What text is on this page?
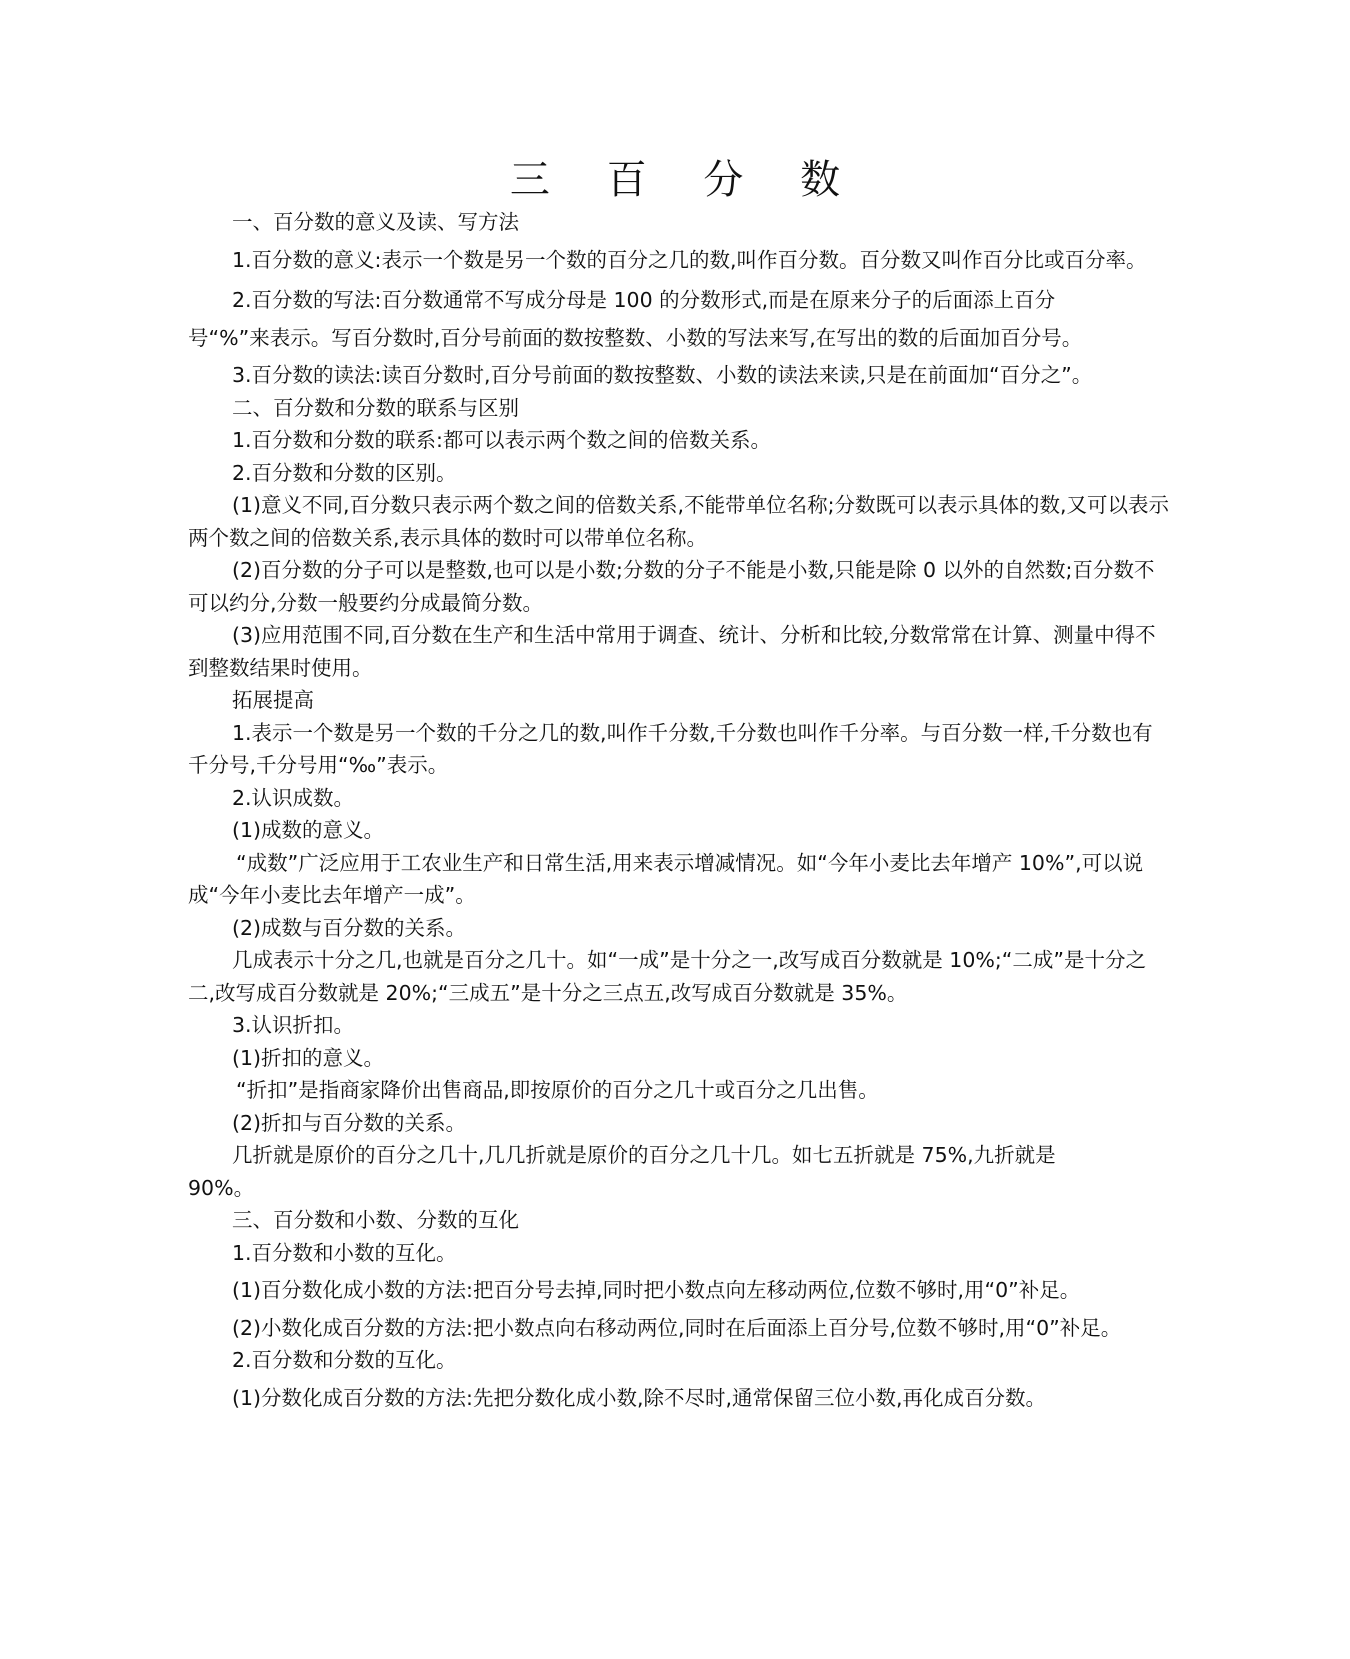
三 百 分 数

一、百分数的意义及读、写方法

1.百分数的意义:表示一个数是另一个数的百分之几的数,叫作百分数。百分数又叫作百分比或百分率。

2.百分数的写法:百分数通常不写成分母是 100 的分数形式,而是在原来分子的后面添上百分

号“%”来表示。写百分数时,百分号前面的数按整数、小数的写法来写,在写出的数的后面加百分号。

3.百分数的读法:读百分数时,百分号前面的数按整数、小数的读法来读,只是在前面加“百分之”。

二、百分数和分数的联系与区别

1.百分数和分数的联系:都可以表示两个数之间的倍数关系。

2.百分数和分数的区别。

(1)意义不同,百分数只表示两个数之间的倍数关系,不能带单位名称;分数既可以表示具体的数,又可以表示两个数之间的倍数关系,表示具体的数时可以带单位名称。

(2)百分数的分子可以是整数,也可以是小数;分数的分子不能是小数,只能是除 0 以外的自然数;百分数不可以约分,分数一般要约分成最简分数。

(3)应用范围不同,百分数在生产和生活中常用于调查、统计、分析和比较,分数常常在计算、测量中得不到整数结果时使用。

拓展提高

1.表示一个数是另一个数的千分之几的数,叫作千分数,千分数也叫作千分率。与百分数一样,千分数也有千分号,千分号用“‰”表示。

2.认识成数。

(1)成数的意义。

“成数”广泛应用于工农业生产和日常生活,用来表示增减情况。如“今年小麦比去年增产 10%”,可以说成“今年小麦比去年增产一成”。

(2)成数与百分数的关系。

几成表示十分之几,也就是百分之几十。如“一成”是十分之一,改写成百分数就是 10%;“二成”是十分之二,改写成百分数就是 20%;“三成五”是十分之三点五,改写成百分数就是 35%。

3.认识折扣。

(1)折扣的意义。

“折扣”是指商家降价出售商品,即按原价的百分之几十或百分之几出售。

(2)折扣与百分数的关系。

几折就是原价的百分之几十,几几折就是原价的百分之几十几。如七五折就是 75%,九折就是

90%。

三、百分数和小数、分数的互化

1.百分数和小数的互化。

(1)百分数化成小数的方法:把百分号去掉,同时把小数点向左移动两位,位数不够时,用“0”补足。

(2)小数化成百分数的方法:把小数点向右移动两位,同时在后面添上百分号,位数不够时,用“0”补足。

2.百分数和分数的互化。

(1)分数化成百分数的方法:先把分数化成小数,除不尽时,通常保留三位小数,再化成百分数。
